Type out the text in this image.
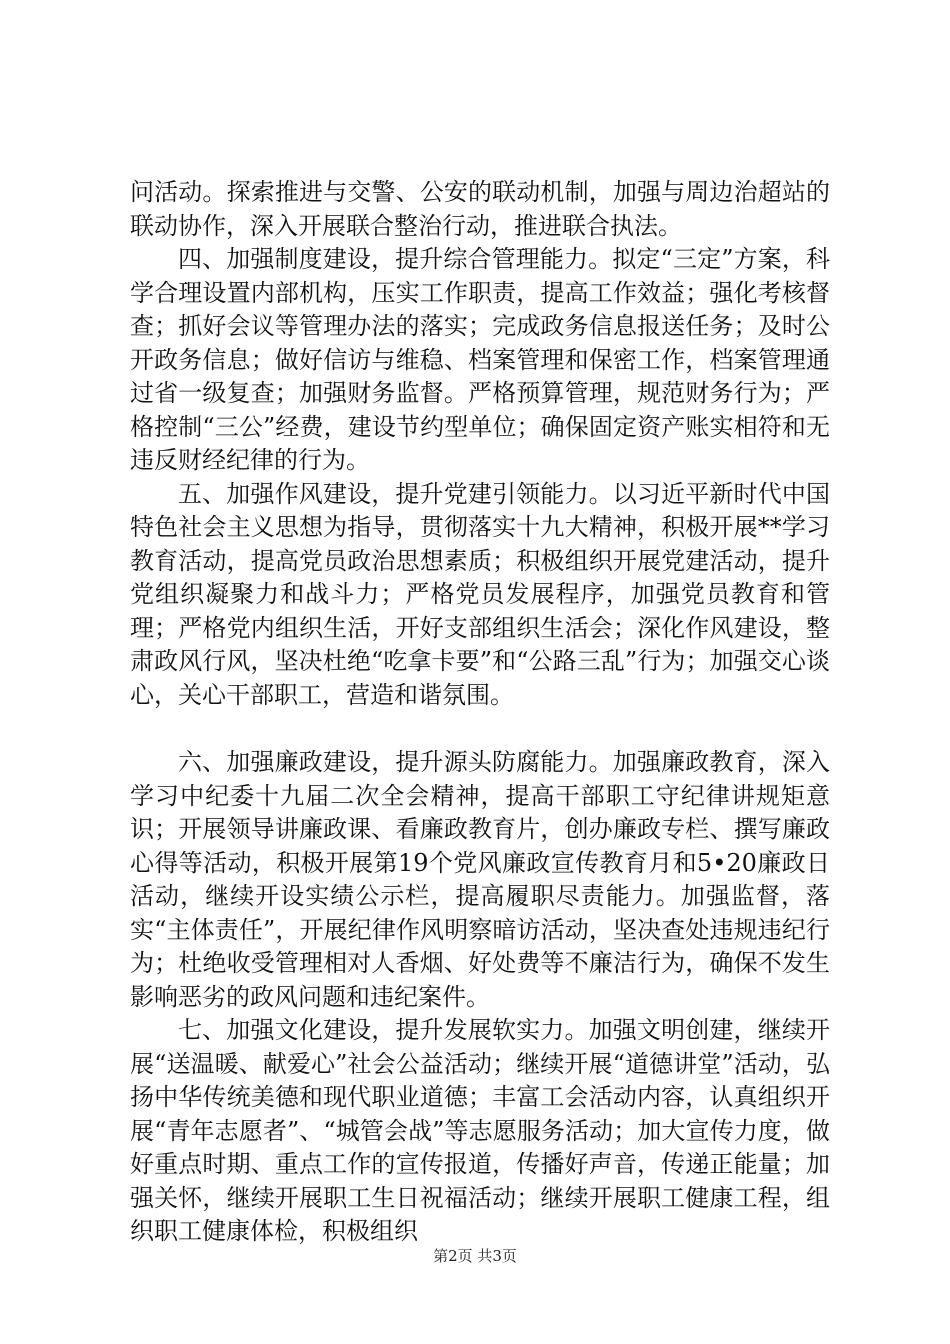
问活动。探索推进与交警、公安的联动机制，加强与周边治超站的联动协作，深入开展联合整治行动，推进联合执法。

四、加强制度建设，提升综合管理能力。拟定“三定”方案，科学合理设置内部机构，压实工作职责，提高工作效益；强化考核督查；抓好会议等管理办法的落实；完成政务信息报送任务；及时公开政务信息；做好信访与维稳、档案管理和保密工作，档案管理通过省一级复查；加强财务监督。严格预算管理，规范财务行为；严格控制“三公”经费，建设节约型单位；确保固定资产账实相符和无违反财经纪律的行为。

五、加强作风建设，提升党建引领能力。以习近平新时代中国特色社会主义思想为指导，贯彻落实十九大精神，积极开展**学习教育活动，提高党员政治思想素质；积极组织开展党建活动，提升党组织凝聚力和战斗力；严格党员发展程序，加强党员教育和管理；严格党内组织生活，开好支部组织生活会；深化作风建设，整肃政风行风，坚决杜绝“吃拿卡要”和“公路三乱”行为；加强交心谈心，关心干部职工，营造和谐氛围。

六、加强廉政建设，提升源头防腐能力。加强廉政教育，深入学习中纪委十九届二次全会精神，提高干部职工守纪律讲规矩意识；开展领导讲廉政课、看廉政教育片，创办廉政专栏、撰写廉政心得等活动，积极开展第19个党风廉政宣传教育月和5•20廉政日活动，继续开设实绩公示栏，提高履职尽责能力。加强监督，落实“主体责任”，开展纪律作风明察暗访活动，坚决查处违规违纪行为；杜绝收受管理相对人香烟、好处费等不廉洁行为，确保不发生影响恶劣的政风问题和违纪案件。

七、加强文化建设，提升发展软实力。加强文明创建，继续开展“送温暖、献爱心”社会公益活动；继续开展“道德讲堂”活动，弘扬中华传统美德和现代职业道德；丰富工会活动内容，认真组织开展“青年志愿者”、“城管会战”等志愿服务活动；加大宣传力度，做好重点时期、重点工作的宣传报道，传播好声音，传递正能量；加强关怀，继续开展职工生日祝福活动；继续开展职工健康工程，组织职工健康体检，积极组织

第2页 共3页
